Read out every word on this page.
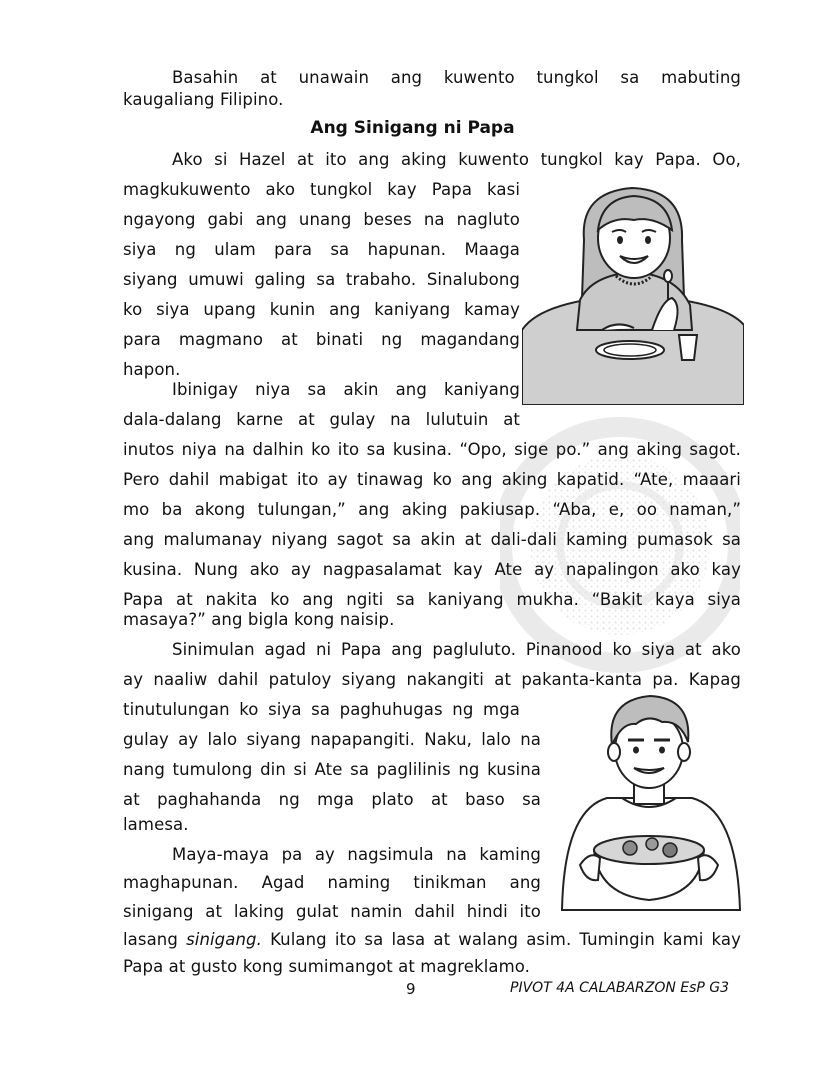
Basahin at unawain ang kuwento tungkol sa mabuting
kaugaliang Filipino.
Ang Sinigang ni Papa
Ako si Hazel at ito ang aking kuwento tungkol kay Papa. Oo,
magkukuwento ako tungkol kay Papa kasi
ngayong gabi ang unang beses na nagluto
siya ng ulam para sa hapunan. Maaga
siyang umuwi galing sa trabaho. Sinalubong
ko siya upang kunin ang kaniyang kamay
para magmano at binati ng magandang
hapon.
Ibinigay niya sa akin ang kaniyang
dala-dalang karne at gulay na lulutuin at
inutos niya na dalhin ko ito sa kusina. “Opo, sige po.” ang aking sagot.
Pero dahil mabigat ito ay tinawag ko ang aking kapatid. “Ate, maaari
mo ba akong tulungan,” ang aking pakiusap. “Aba, e, oo naman,”
ang malumanay niyang sagot sa akin at dali-dali kaming pumasok sa
kusina. Nung ako ay nagpasalamat kay Ate ay napalingon ako kay
Papa at nakita ko ang ngiti sa kaniyang mukha. “Bakit kaya siya
masaya?” ang bigla kong naisip.
Sinimulan agad ni Papa ang pagluluto. Pinanood ko siya at ako
ay naaliw dahil patuloy siyang nakangiti at pakanta-kanta pa. Kapag
tinutulungan ko siya sa paghuhugas ng mga
gulay ay lalo siyang napapangiti. Naku, lalo na
nang tumulong din si Ate sa paglilinis ng kusina
at paghahanda ng mga plato at baso sa
lamesa.
Maya-maya pa ay nagsimula na kaming
maghapunan. Agad naming tinikman ang
sinigang at laking gulat namin dahil hindi ito
lasang sinigang. Kulang ito sa lasa at walang asim. Tumingin kami kay
Papa at gusto kong sumimangot at magreklamo.
9	PIVOT 4A CALABARZON EsP G3
